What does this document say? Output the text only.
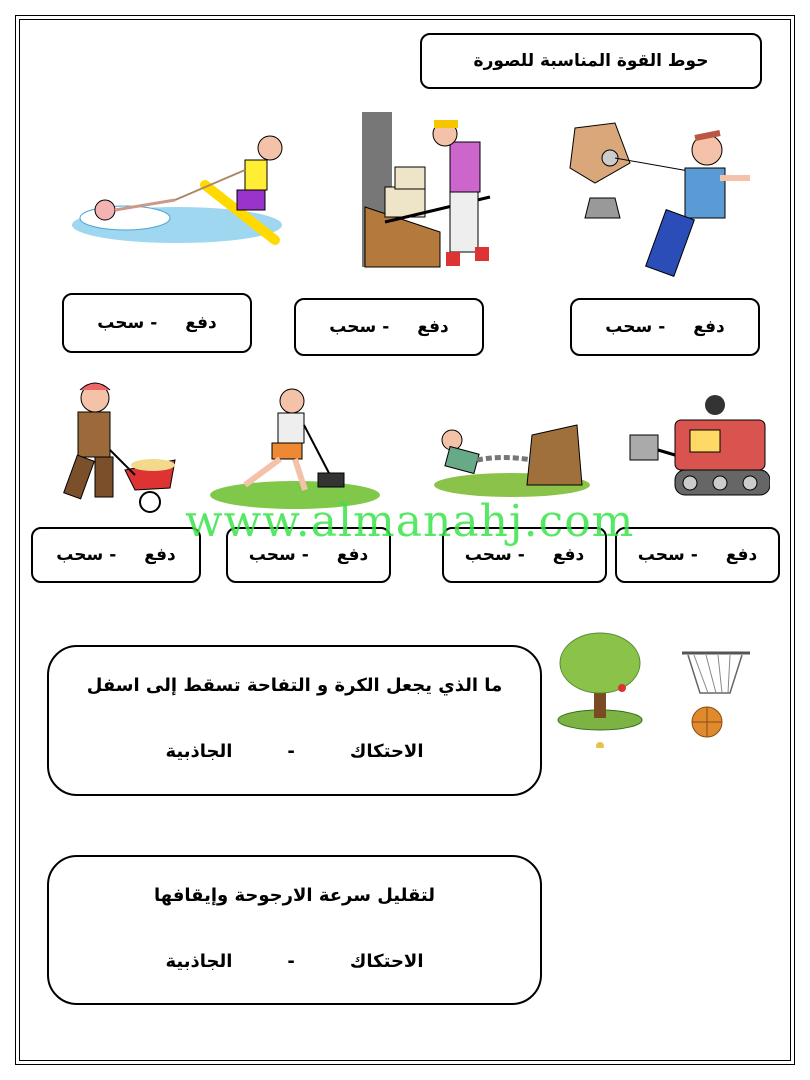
حوط القوة المناسبة للصورة
دفع
-
سحب	دفع
-
سحب	دفع
-
سحب
دفع
-
سحب	دفع
-
سحب	دفع
-
سحب	دفع
-
سحب
www.almanahj.com
ما الذي يجعل الكرة و التفاحة تسقط إلى اسفل
الاحتكاك
-
الجاذبية
لتقليل سرعة الارجوحة وإيقافها
الاحتكاك
-
الجاذبية
